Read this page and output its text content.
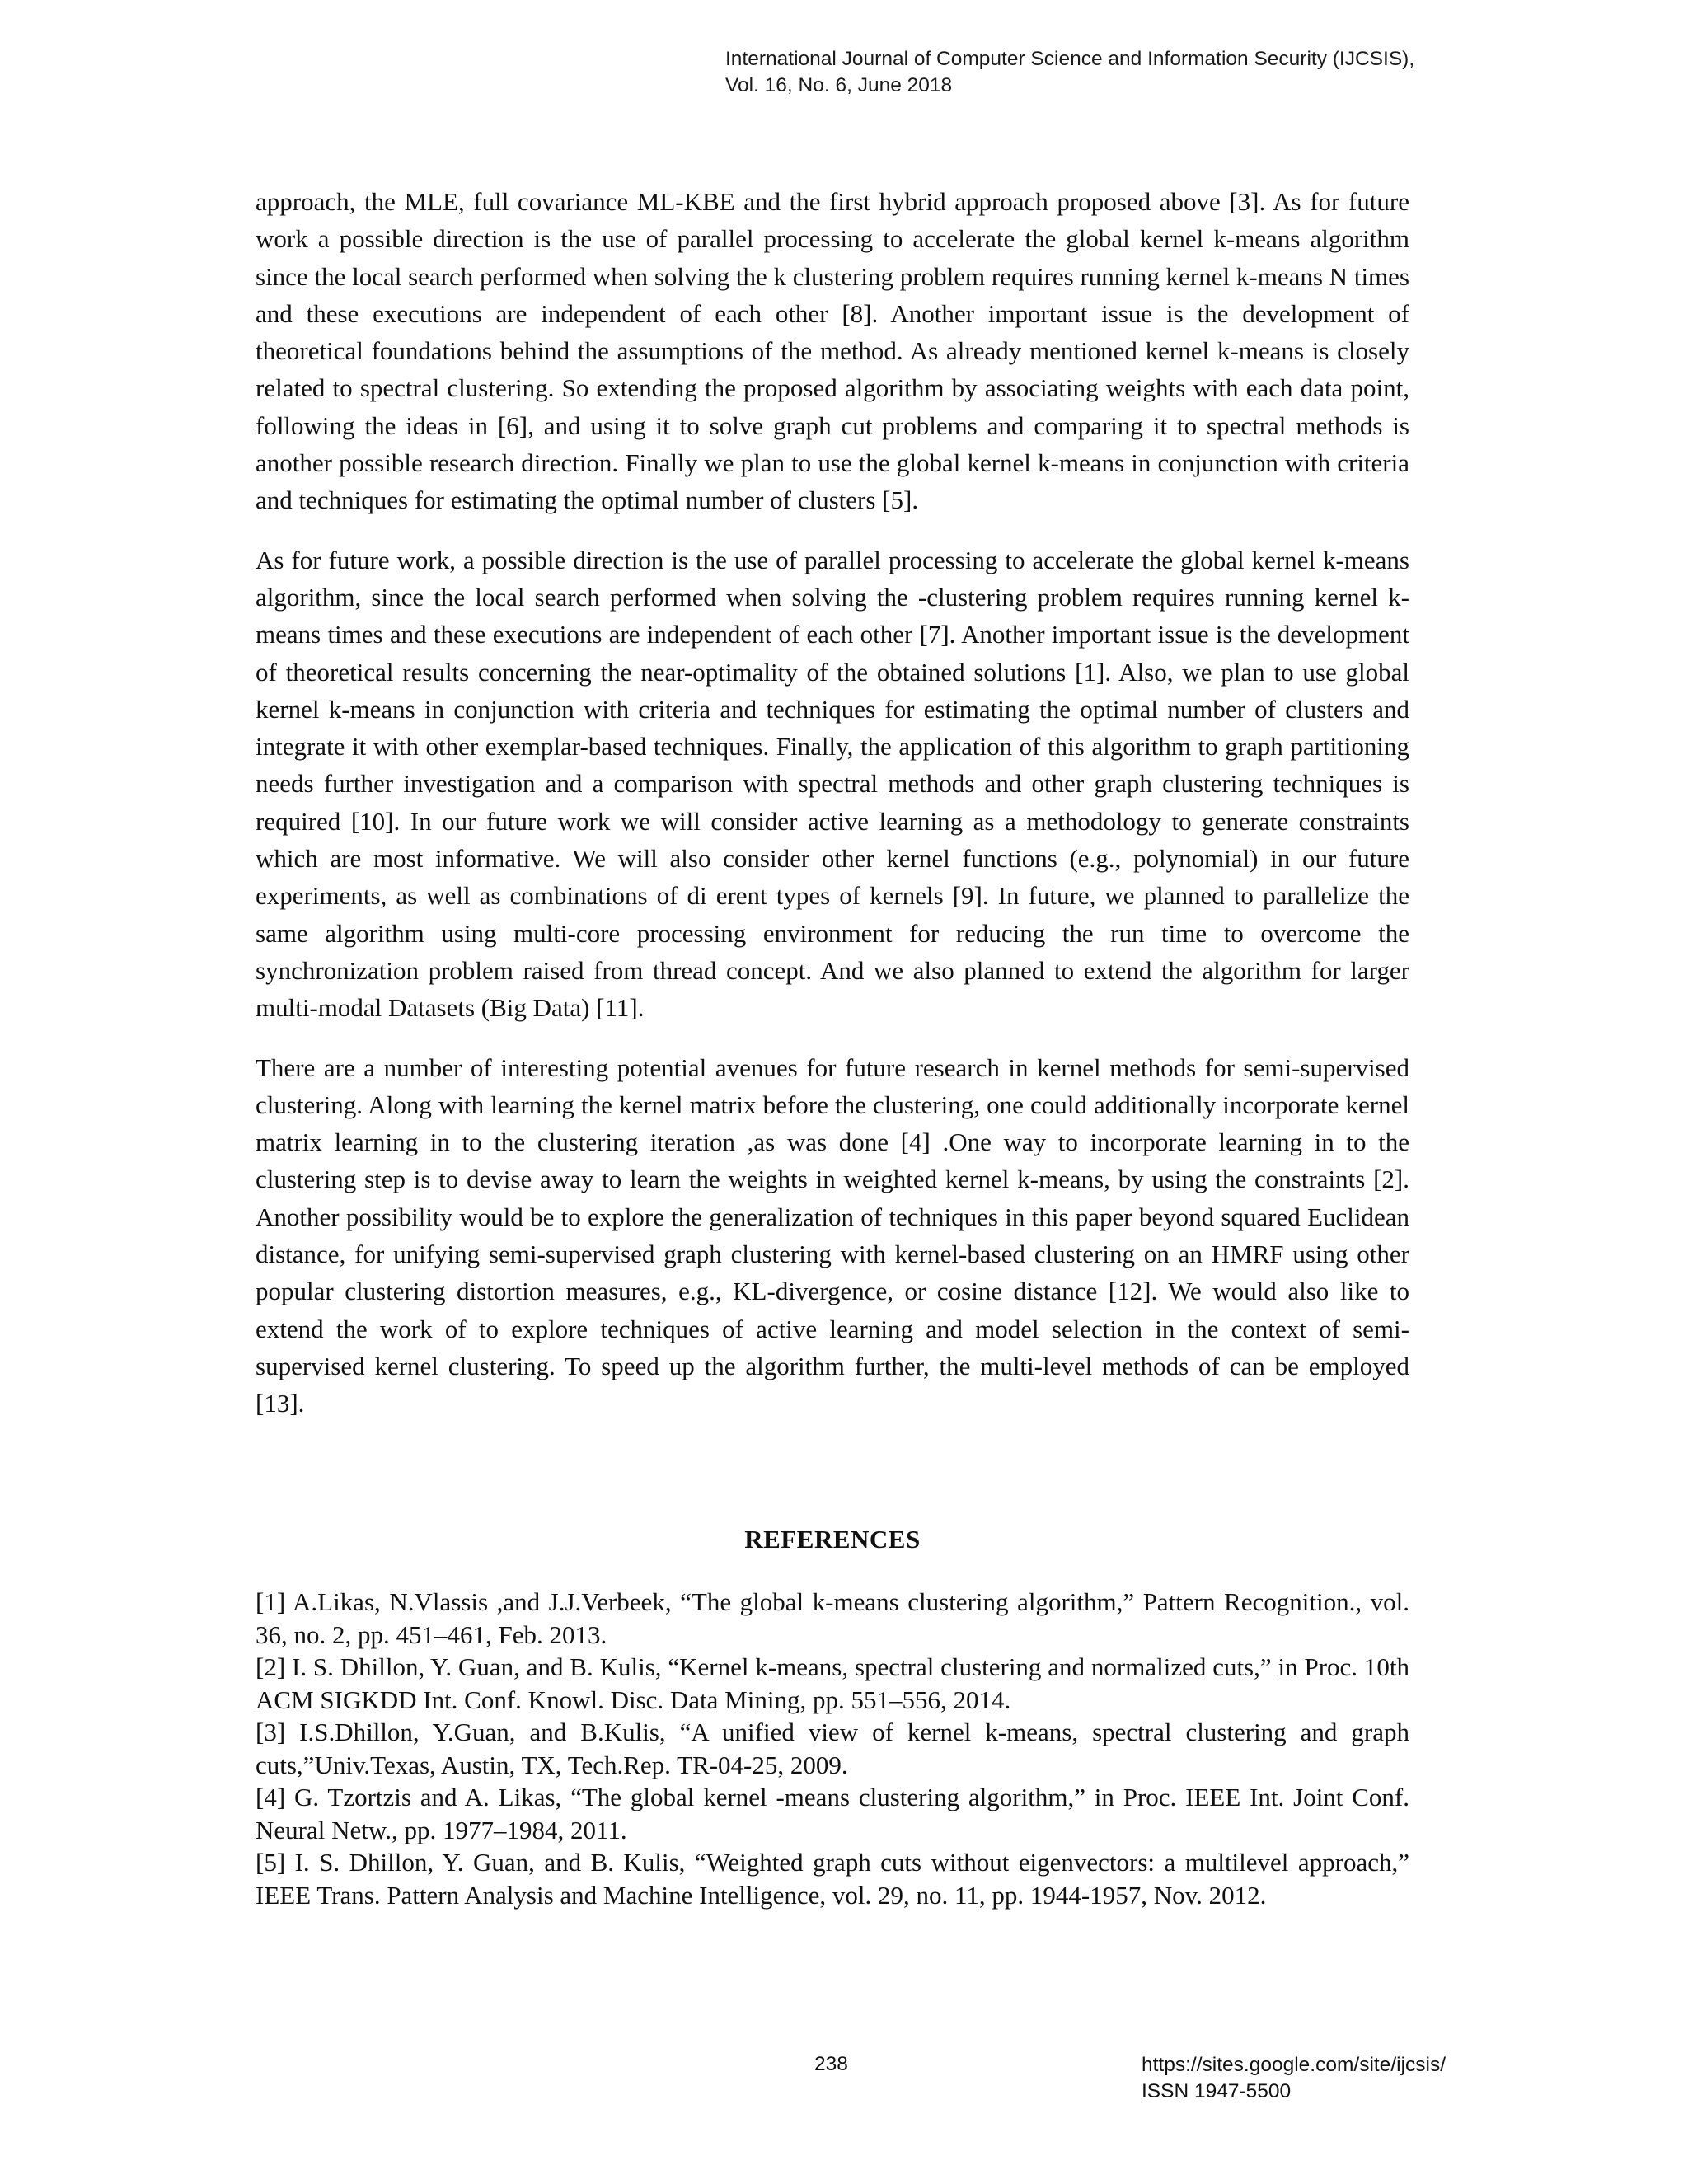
International Journal of Computer Science and Information Security (IJCSIS),
Vol. 16, No. 6, June 2018

approach, the MLE, full covariance ML-KBE and the first hybrid approach proposed above [3]. As for future work a possible direction is the use of parallel processing to accelerate the global kernel k-means algorithm since the local search performed when solving the k clustering problem requires running kernel k-means N times and these executions are independent of each other [8]. Another important issue is the development of theoretical foundations behind the assumptions of the method. As already mentioned kernel k-means is closely related to spectral clustering. So extending the proposed algorithm by associating weights with each data point, following the ideas in [6], and using it to solve graph cut problems and comparing it to spectral methods is another possible research direction. Finally we plan to use the global kernel k-means in conjunction with criteria and techniques for estimating the optimal number of clusters [5].

As for future work, a possible direction is the use of parallel processing to accelerate the global kernel k-means algorithm, since the local search performed when solving the -clustering problem requires running kernel k-means times and these executions are independent of each other [7]. Another important issue is the development of theoretical results concerning the near-optimality of the obtained solutions [1]. Also, we plan to use global kernel k-means in conjunction with criteria and techniques for estimating the optimal number of clusters and integrate it with other exemplar-based techniques. Finally, the application of this algorithm to graph partitioning needs further investigation and a comparison with spectral methods and other graph clustering techniques is required [10]. In our future work we will consider active learning as a methodology to generate constraints which are most informative. We will also consider other kernel functions (e.g., polynomial) in our future experiments, as well as combinations of di erent types of kernels [9]. In future, we planned to parallelize the same algorithm using multi-core processing environment for reducing the run time to overcome the synchronization problem raised from thread concept. And we also planned to extend the algorithm for larger multi-modal Datasets (Big Data) [11].

There are a number of interesting potential avenues for future research in kernel methods for semi-supervised clustering. Along with learning the kernel matrix before the clustering, one could additionally incorporate kernel matrix learning in to the clustering iteration ,as was done [4] .One way to incorporate learning in to the clustering step is to devise away to learn the weights in weighted kernel k-means, by using the constraints [2]. Another possibility would be to explore the generalization of techniques in this paper beyond squared Euclidean distance, for unifying semi-supervised graph clustering with kernel-based clustering on an HMRF using other popular clustering distortion measures, e.g., KL-divergence, or cosine distance [12]. We would also like to extend the work of to explore techniques of active learning and model selection in the context of semi-supervised kernel clustering. To speed up the algorithm further, the multi-level methods of can be employed [13].

REFERENCES

[1] A.Likas, N.Vlassis ,and J.J.Verbeek, “The global k-means clustering algorithm,” Pattern Recognition., vol. 36, no. 2, pp. 451–461, Feb. 2013.

[2] I. S. Dhillon, Y. Guan, and B. Kulis, “Kernel k-means, spectral clustering and normalized cuts,” in Proc. 10th ACM SIGKDD Int. Conf. Knowl. Disc. Data Mining, pp. 551–556, 2014.

[3] I.S.Dhillon, Y.Guan, and B.Kulis, “A unified view of kernel k-means, spectral clustering and graph cuts,”Univ.Texas, Austin, TX, Tech.Rep. TR-04-25, 2009.

[4] G. Tzortzis and A. Likas, “The global kernel -means clustering algorithm,” in Proc. IEEE Int. Joint Conf. Neural Netw., pp. 1977–1984, 2011.

[5] I. S. Dhillon, Y. Guan, and B. Kulis, “Weighted graph cuts without eigenvectors: a multilevel approach,” IEEE Trans. Pattern Analysis and Machine Intelligence, vol. 29, no. 11, pp. 1944-1957, Nov. 2012.

238	https://sites.google.com/site/ijcsis/
ISSN 1947-5500
